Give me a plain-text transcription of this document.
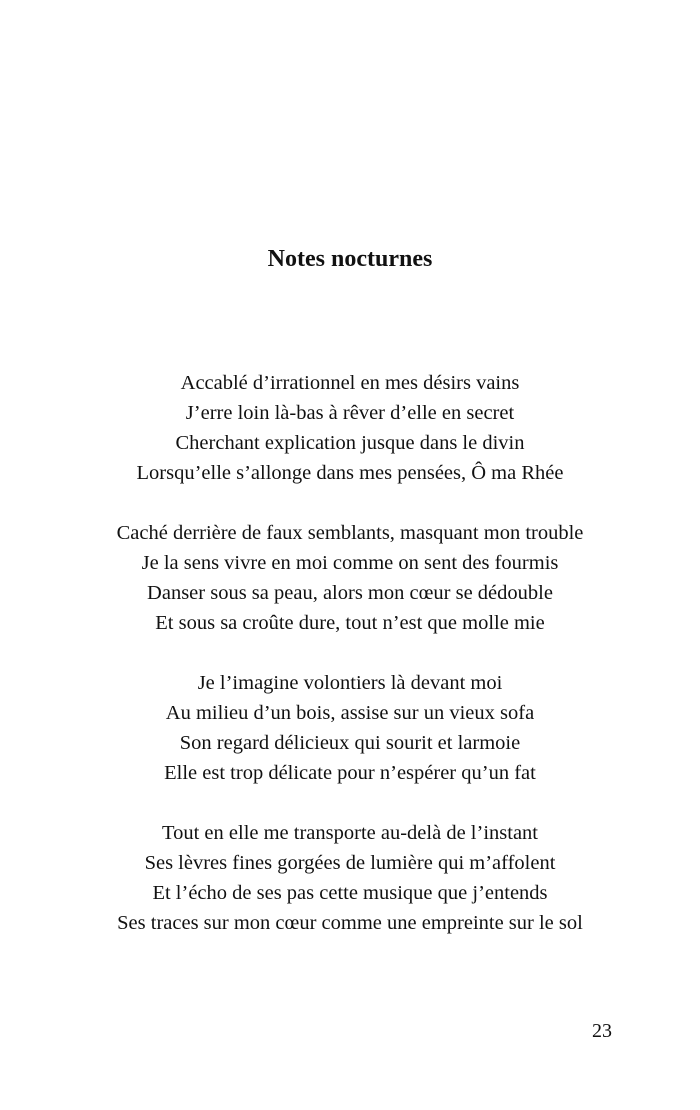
Notes nocturnes
Accablé d’irrationnel en mes désirs vains
J’erre loin là-bas à rêver d’elle en secret
Cherchant explication jusque dans le divin
Lorsqu’elle s’allonge dans mes pensées, Ô ma Rhée
Caché derrière de faux semblants, masquant mon trouble
Je la sens vivre en moi comme on sent des fourmis
Danser sous sa peau, alors mon cœur se dédouble
Et sous sa croûte dure, tout n’est que molle mie
Je l’imagine volontiers là devant moi
Au milieu d’un bois, assise sur un vieux sofa
Son regard délicieux qui sourit et larmoie
Elle est trop délicate pour n’espérer qu’un fat
Tout en elle me transporte au-delà de l’instant
Ses lèvres fines gorgées de lumière qui m’affolent
Et l’écho de ses pas cette musique que j’entends
Ses traces sur mon cœur comme une empreinte sur le sol
23
